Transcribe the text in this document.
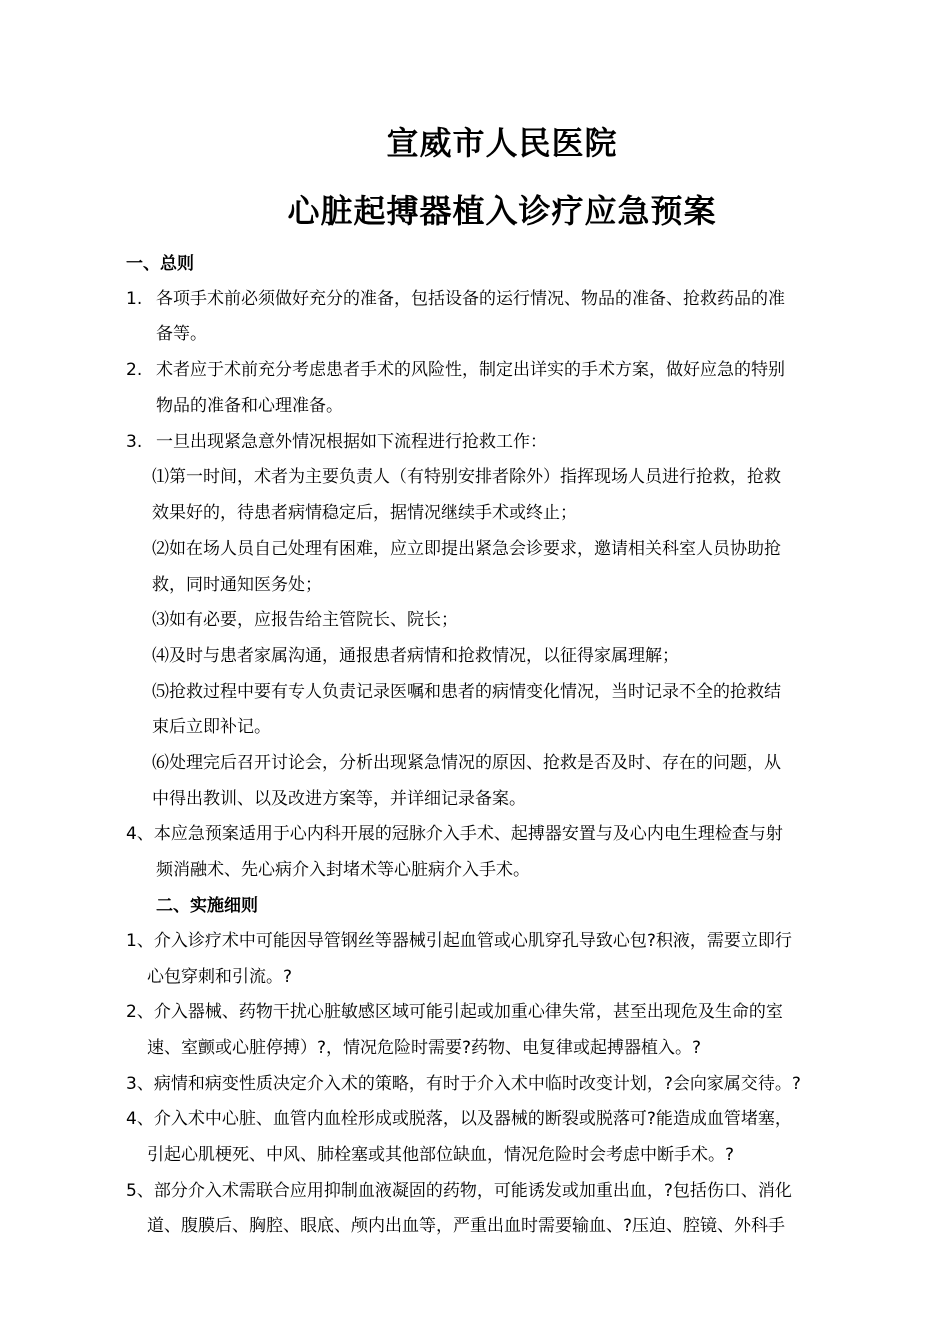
宣威市人民医院
心脏起搏器植入诊疗应急预案
一、总则
1. 各项手术前必须做好充分的准备，包括设备的运行情况、物品的准备、抢救药品的准
备等。
2. 术者应于术前充分考虑患者手术的风险性，制定出详实的手术方案，做好应急的特别
物品的准备和心理准备。
3. 一旦出现紧急意外情况根据如下流程进行抢救工作：
⑴第一时间，术者为主要负责人（有特别安排者除外）指挥现场人员进行抢救，抢救
效果好的，待患者病情稳定后，据情况继续手术或终止；
⑵如在场人员自己处理有困难，应立即提出紧急会诊要求，邀请相关科室人员协助抢
救，同时通知医务处；
⑶如有必要，应报告给主管院长、院长；
⑷及时与患者家属沟通，通报患者病情和抢救情况，以征得家属理解；
⑸抢救过程中要有专人负责记录医嘱和患者的病情变化情况，当时记录不全的抢救结
束后立即补记。
⑹处理完后召开讨论会，分析出现紧急情况的原因、抢救是否及时、存在的问题，从
中得出教训、以及改进方案等，并详细记录备案。
4、本应急预案适用于心内科开展的冠脉介入手术、起搏器安置与及心内电生理检查与射
频消融术、先心病介入封堵术等心脏病介入手术。
二、实施细则
1、介入诊疗术中可能因导管钢丝等器械引起血管或心肌穿孔导致心包?积液，需要立即行
心包穿刺和引流。?
2、介入器械、药物干扰心脏敏感区域可能引起或加重心律失常，甚至出现危及生命的室
速、室颤或心脏停搏）?，情况危险时需要?药物、电复律或起搏器植入。?
3、病情和病变性质决定介入术的策略，有时于介入术中临时改变计划，?会向家属交待。?
4、介入术中心脏、血管内血栓形成或脱落，以及器械的断裂或脱落可?能造成血管堵塞，
引起心肌梗死、中风、肺栓塞或其他部位缺血，情况危险时会考虑中断手术。?
5、部分介入术需联合应用抑制血液凝固的药物，可能诱发或加重出血，?包括伤口、消化
道、腹膜后、胸腔、眼底、颅内出血等，严重出血时需要输血、?压迫、腔镜、外科手
